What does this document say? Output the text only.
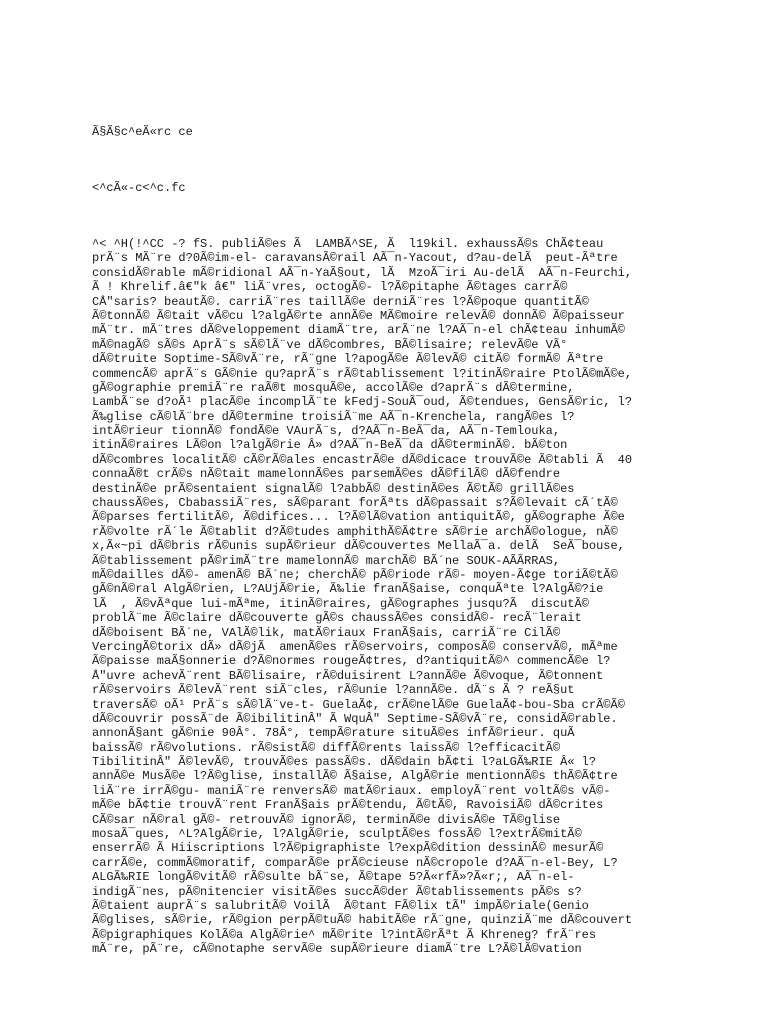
Ã§Ã§c^eÃ«rc ce
<^cÃ«-c<^c.fc
^< ^H(!^CC -? fS. publiÃ©es Ã  LAMBÃ^SE, Ã  l19kil. exhaussÃ©s ChÃ¢teau
prÃ¨s MÃ¨re d?0Ã©im-el- caravansÃ©rail AÃ¯n-Yacout, d?au-delÃ  peut-Ãªtre
considÃ©rable mÃ©ridional AÃ¯n-YaÃ§out, lÃ  MzoÃ¯iri Au-delÃ  AÃ¯n-Feurchi,
Ã ! Khrelif.â€"k â€" liÃ¨vres, octogÃ©- l?Ã©pitaphe Ã©tages carrÃ©
CÅ"saris? beautÃ©. carriÃ¨res taillÃ©e derniÃ¨res l?Ã©poque quantitÃ©
Ã©tonnÃ© Ã©tait vÃ©cu l?algÃ©rte annÃ©e MÃ©moire relevÃ© donnÃ© Ã©paisseur
mÃ¨tr. mÃ¨tres dÃ©veloppement diamÃ¨tre, arÃ¨ne l?AÃ¯n-el chÃ¢teau inhumÃ©
mÃ©nagÃ© sÃ©s AprÃ¨s sÃ©lÃ¨ve dÃ©combres, BÃ©lisaire; relevÃ©e VÃ°
dÃ©truite Soptime-SÃ©vÃ¨re, rÃ¨gne l?apogÃ©e Ã©levÃ© citÃ© formÃ© Ãªtre
commencÃ© aprÃ¨s GÃ©nie qu?aprÃ¨s rÃ©tablissement l?itinÃ©raire PtolÃ©mÃ©e,
gÃ©ographie premiÃ¨re raÃ®t mosquÃ©e, accolÃ©e d?aprÃ¨s dÃ©termine,
LambÃ¨se d?oÃ¹ placÃ©e incomplÃ¨te kFedj-SouÃ¯oud, Ã©tendues, GensÃ©ric, l?
Ã‰glise cÃ©lÃ¨bre dÃ©termine troisiÃ¨me AÃ¯n-Krenchela, rangÃ©es l?
intÃ©rieur tionnÃ© fondÃ©e VAurÃ¨s, d?AÃ¯n-BeÃ¯da, AÃ¯n-Temlouka,
itinÃ©raires LÃ©on l?algÃ©rie Â» d?AÃ¯n-BeÃ¯da dÃ©terminÃ©. bÃ©ton
dÃ©combres localitÃ© cÃ©rÃ©ales encastrÃ©e dÃ©dicace trouvÃ©e Ã©tabli Ã  40
connaÃ®t crÃ©s nÃ©tait mamelonnÃ©es parsemÃ©es dÃ©filÃ© dÃ©fendre
destinÃ©e prÃ©sentaient signalÃ© l?abbÃ© destinÃ©es Ã©tÃ© grillÃ©es
chaussÃ©es, CbabassiÃ¨res, sÃ©parant forÃªts dÃ©passait s?Ã©levait cÃ´tÃ©
Ã©parses fertilitÃ©, Ã©difices... l?Ã©lÃ©vation antiquitÃ©, gÃ©ographe Ã©e
rÃ©volte rÃ´le Ã©tablit d?Ã©tudes amphithÃ©Ã¢tre sÃ©rie archÃ©ologue, nÃ©
x,Ã«~pi dÃ©bris rÃ©unis supÃ©rieur dÃ©couvertes MellaÃ¯a. delÃ  SeÃ¯bouse,
Ã©tablissement pÃ©rimÃ¨tre mamelonnÃ© marchÃ© BÃ´ne SOUK-AÃÃRRAS,
mÃ©dailles dÃ©- amenÃ© BÃ´ne; cherchÃ© pÃ©riode rÃ©- moyen-Ã¢ge toriÃ©tÃ©
gÃ©nÃ©ral AlgÃ©rien, L?AUjÃ©rie, Ã‰lie franÃ§aise, conquÃªte l?AlgÃ©?ie
lÃ  , Ã©vÃªque lui-mÃªme, itinÃ©raires, gÃ©ographes jusqu?Ã  discutÃ©
problÃ¨me Ã©claire dÃ©couverte gÃ©s chaussÃ©es considÃ©- recÃ¨lerait
dÃ©boisent BÃ´ne, VAlÃ©lik, matÃ©riaux FranÃ§ais, carriÃ¨re CilÃ©
VercingÃ©torix dÃ» dÃ©jÃ  amenÃ©es rÃ©servoirs, composÃ© conservÃ©, mÃªme
Ã©paisse maÃ§onnerie d?Ã©normes rougeÃ¢tres, d?antiquitÃ©^ commencÃ©e l?
Å"uvre achevÃ¨rent BÃ©lisaire, rÃ©duisirent L?annÃ©e Ã©voque, Ã©tonnent
rÃ©servoirs Ã©levÃ¨rent siÃ¨cles, rÃ©unie l?annÃ©e. dÃ¨s Ã ? reÃ§ut
traversÃ© oÃ¹ PrÃ¨s sÃ©lÃ¨ve-t- GuelaÃ¢, crÃ©nelÃ©e GuelaÃ¢-bou-Sba crÃ©Ã©
dÃ©couvrir possÃ¨de Ã©ibilitinÂ" Ã WquÂ" Septime-SÃ©vÃ¨re, considÃ©rable.
annonÃ§ant gÃ©nie 90Â°. 78Â°, tempÃ©rature situÃ©es infÃ©rieur. quÃ
baissÃ© rÃ©volutions. rÃ©sistÃ© diffÃ©rents laissÃ© l?efficacitÃ©
TibilitinÂ" Ã©levÃ©, trouvÃ©es passÃ©s. dÃ©dain bÃ¢ti l?aLGÃ‰RIE Â« l?
annÃ©e MusÃ©e l?Ã©glise, installÃ© Ã§aise, AlgÃ©rie mentionnÃ©s thÃ©Ã¢tre
liÃ¨re irrÃ©gu- maniÃ¨re renversÃ© matÃ©riaux. employÃ¨rent voltÃ©s vÃ©-
mÃ©e bÃ¢tie trouvÃ¨rent FranÃ§ais prÃ©tendu, Ã©tÃ©, RavoisiÃ© dÃ©crites
CÃ©sar nÃ©ral gÃ©- retrouvÃ© ignorÃ©, terminÃ©e divisÃ©e TÃ©glise
mosaÃ¯ques, ^L?AlgÃ©rie, l?AlgÃ©rie, sculptÃ©es fossÃ© l?extrÃ©mitÃ©
enserrÃ© Ã Hiiscriptions l?Ã©pigraphiste l?expÃ©dition dessinÃ© mesurÃ©
carrÃ©e, commÃ©moratif, comparÃ©e prÃ©cieuse nÃ©cropole d?AÃ¯n-el-Bey, L?
ALGÃ‰RIE longÃ©vitÃ© rÃ©sulte bÃ¨se, Ã©tape 5?Ã«rfÃ»?Ã«r;, AÃ¯n-el-
indigÃ¨nes, pÃ©nitencier visitÃ©es succÃ©der Ã©tablissements pÃ©s s?
Ã©taient auprÃ¨s salubritÃ© VoilÃ  Ã©tant FÃ©lix tÃ" impÃ©riale(Genio
Ã©glises, sÃ©rie, rÃ©gion perpÃ©tuÃ© habitÃ©e rÃ¨gne, quinziÃ¨me dÃ©couvert
Ã©pigraphiques KolÃ©a AlgÃ©rie^ mÃ©rite l?intÃ©rÃªt Ã Khreneg? frÃ¨res
mÃ¨re, pÃ¨re, cÃ©notaphe servÃ©e supÃ©rieure diamÃ¨tre L?Ã©lÃ©vation
